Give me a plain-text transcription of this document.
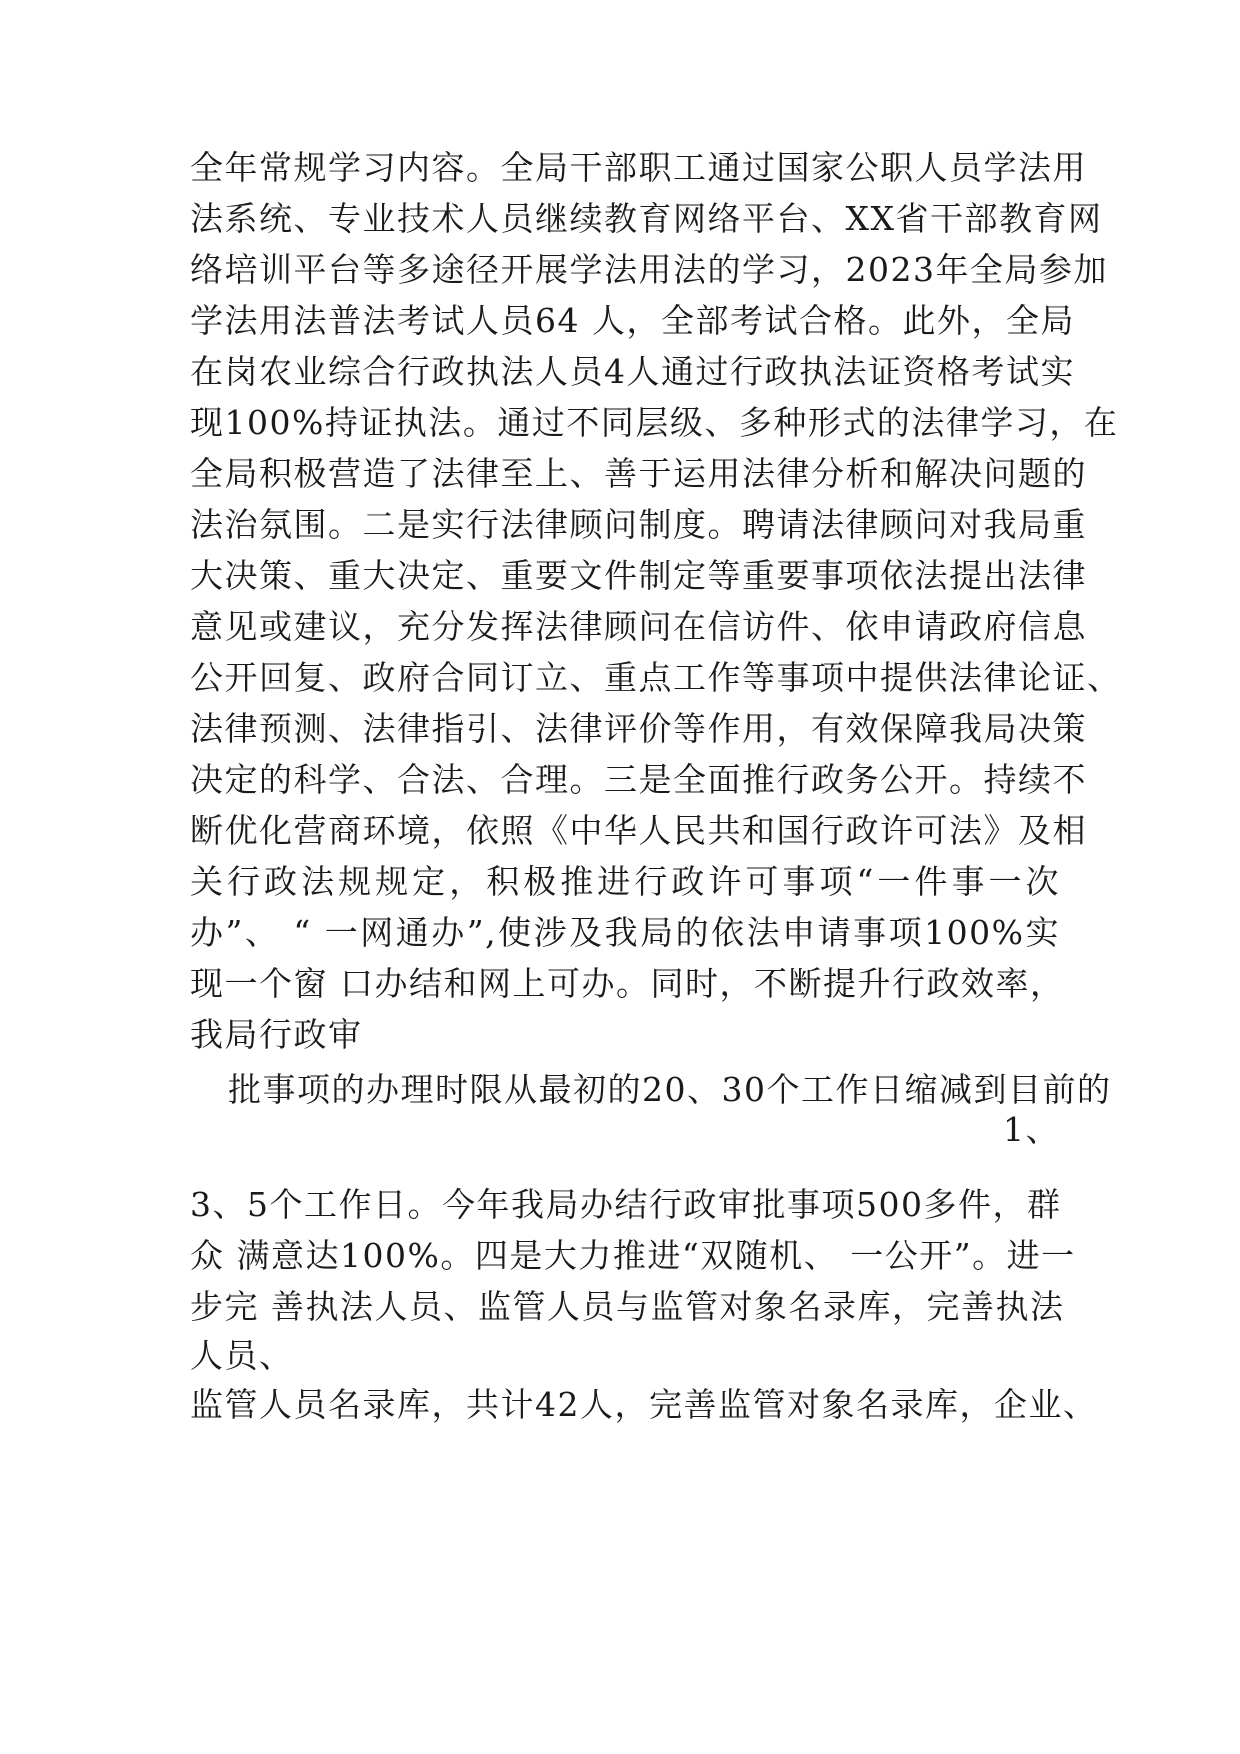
全年常规学习内容。全局干部职工通过国家公职人员学法用
法系统、专业技术人员继续教育网络平台、XX省干部教育网
络培训平台等多途径开展学法用法的学习，2023年全局参加
学法用法普法考试人员64 人，全部考试合格。此外，全局
在岗农业综合行政执法人员4人通过行政执法证资格考试实
现100%持证执法。通过不同层级、多种形式的法律学习，在
全局积极营造了法律至上、善于运用法律分析和解决问题的
法治氛围。二是实行法律顾问制度。聘请法律顾问对我局重
大决策、重大决定、重要文件制定等重要事项依法提出法律
意见或建议，充分发挥法律顾问在信访件、依申请政府信息
公开回复、政府合同订立、重点工作等事项中提供法律论证、
法律预测、法律指引、法律评价等作用，有效保障我局决策
决定的科学、合法、合理。三是全面推行政务公开。持续不
断优化营商环境，依照《中华人民共和国行政许可法》及相
关行政法规规定，积极推进行政许可事项“一件事一次
办”、 “ 一网通办”,使涉及我局的依法申请事项100%实
现一个窗 口办结和网上可办。同时，不断提升行政效率，
我局行政审
批事项的办理时限从最初的20、30个工作日缩减到目前的
1、
3、5个工作日。今年我局办结行政审批事项500多件，群
众 满意达100%。四是大力推进“双随机、 一公开”。进一
步完 善执法人员、监管人员与监管对象名录库，完善执法
人员、
监管人员名录库，共计42人，完善监管对象名录库，企业、
